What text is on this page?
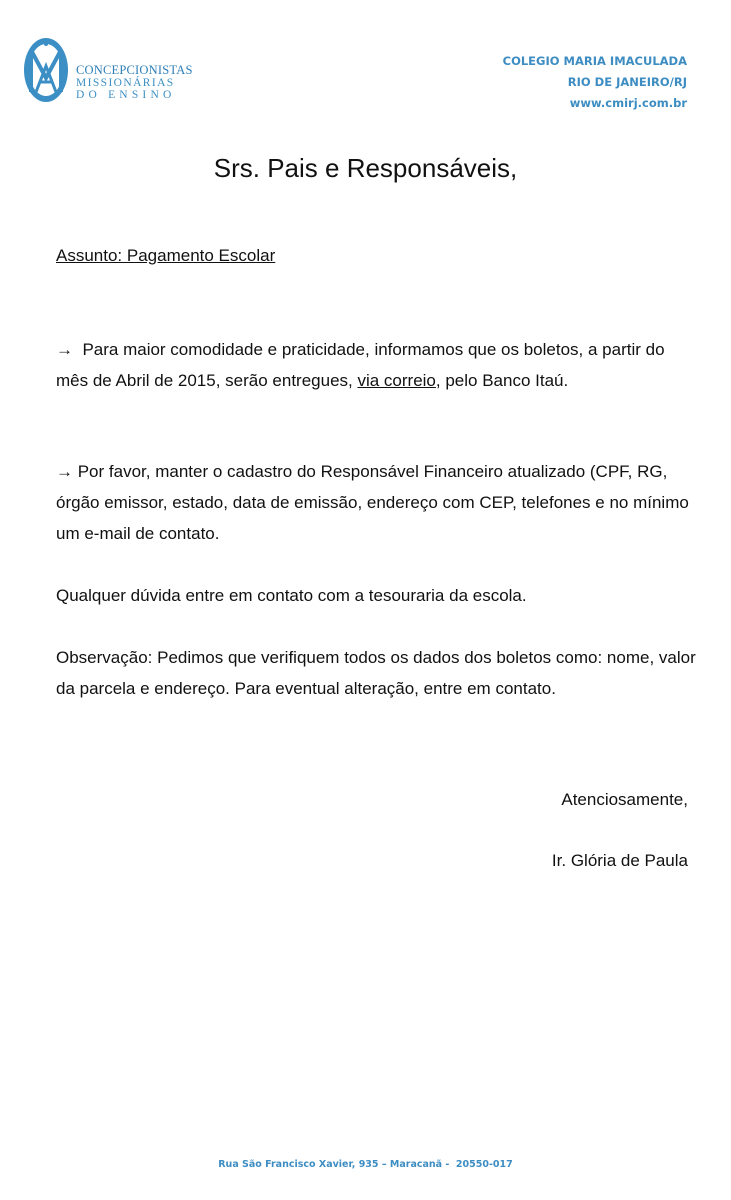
CONCEPCIONISTAS
MISSIONÁRIAS
DO ENSINO
COLEGIO MARIA IMACULADA
RIO DE JANEIRO/RJ
www.cmirj.com.br
Srs. Pais e Responsáveis,
Assunto: Pagamento Escolar
→  Para maior comodidade e praticidade, informamos que os boletos, a partir do mês de Abril de 2015, serão entregues, via correio, pelo Banco Itaú.
→ Por favor, manter o cadastro do Responsável Financeiro atualizado (CPF, RG, órgão emissor, estado, data de emissão, endereço com CEP, telefones e no mínimo um e-mail de contato.
Qualquer dúvida entre em contato com a tesouraria da escola.
Observação: Pedimos que verifiquem todos os dados dos boletos como: nome, valor da parcela e endereço. Para eventual alteração, entre em contato.
Atenciosamente,
Ir. Glória de Paula
Rua São Francisco Xavier, 935 – Maracanã -  20550-017
